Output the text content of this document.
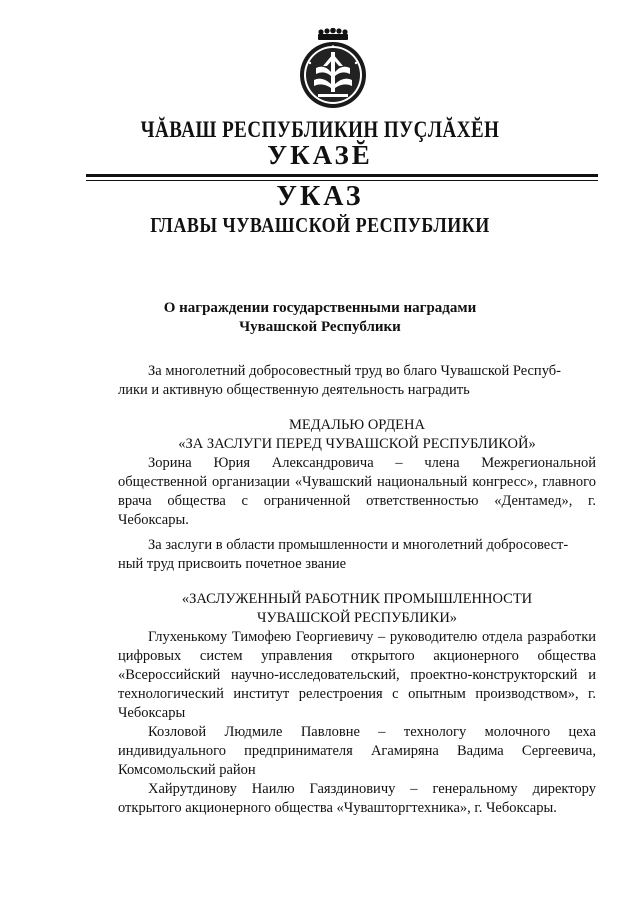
ЧĂВАШ РЕСПУБЛИКИН ПУÇЛĂХĔН
УКАЗĔ
УКАЗ
ГЛАВЫ ЧУВАШСКОЙ РЕСПУБЛИКИ
О награждении государственными наградами
Чувашской Республики
За многолетний добросовестный труд во благо Чувашской Респуб-
лики и активную общественную деятельность наградить

МЕДАЛЬЮ ОРДЕНА

«ЗА ЗАСЛУГИ ПЕРЕД ЧУВАШСКОЙ РЕСПУБЛИКОЙ»

Зорина Юрия Александровича – члена Межрегиональной общественной организации «Чувашский национальный конгресс», главного врача общества с ограниченной ответственностью «Дентамед», г. Чебоксары.

За заслуги в области промышленности и многолетний добросовест-
ный труд присвоить почетное звание

«ЗАСЛУЖЕННЫЙ РАБОТНИК ПРОМЫШЛЕННОСТИ

ЧУВАШСКОЙ РЕСПУБЛИКИ»

Глухенькому Тимофею Георгиевичу – руководителю отдела разработки цифровых систем управления открытого акционерного общества «Всероссийский научно-исследовательский, проектно-конструкторский и технологический институт релестроения с опытным производством», г. Чебоксары

Козловой Людмиле Павловне – технологу молочного цеха индивидуального предпринимателя Агамиряна Вадима Сергеевича, Комсомольский район

Хайрутдинову Наилю Гаяздиновичу – генеральному директору открытого акционерного общества «Чувашторгтехника», г. Чебоксары.
